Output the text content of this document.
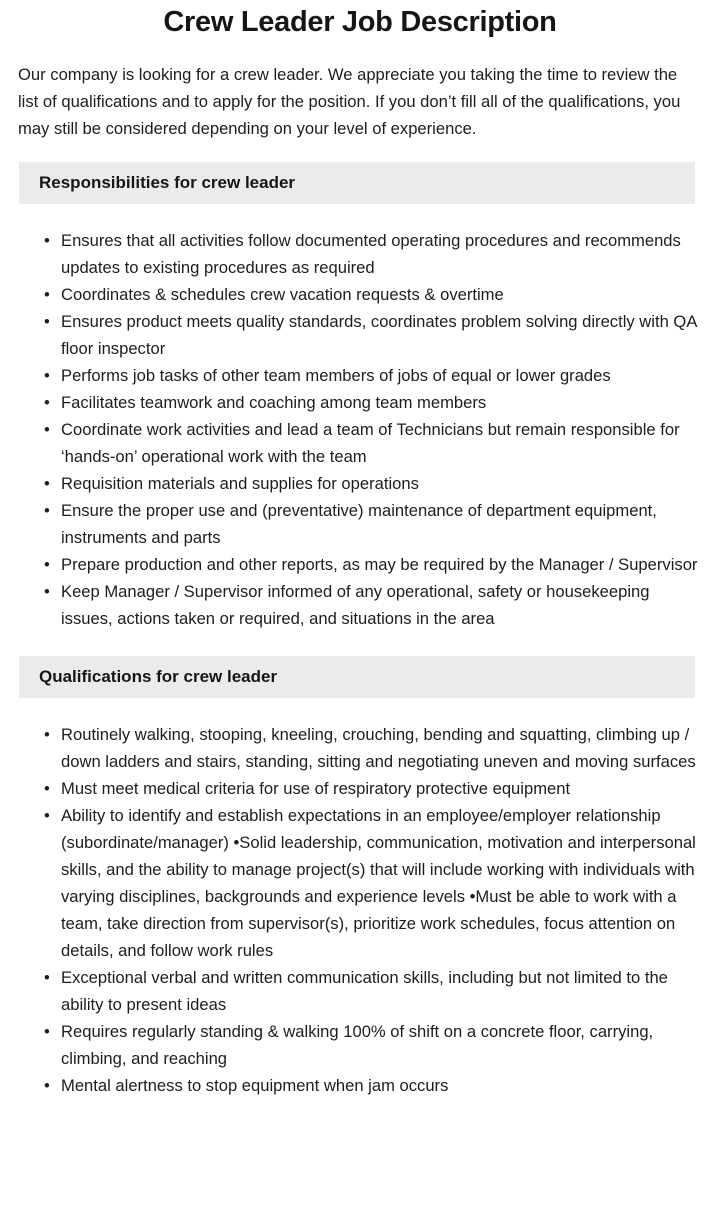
Crew Leader Job Description

Our company is looking for a crew leader. We appreciate you taking the time to review the list of qualifications and to apply for the position. If you don’t fill all of the qualifications, you may still be considered depending on your level of experience.

Responsibilities for crew leader
• Ensures that all activities follow documented operating procedures and recommends updates to existing procedures as required
• Coordinates & schedules crew vacation requests & overtime
• Ensures product meets quality standards, coordinates problem solving directly with QA floor inspector
• Performs job tasks of other team members of jobs of equal or lower grades
• Facilitates teamwork and coaching among team members
• Coordinate work activities and lead a team of Technicians but remain responsible for ‘hands-on’ operational work with the team
• Requisition materials and supplies for operations
• Ensure the proper use and (preventative) maintenance of department equipment, instruments and parts
• Prepare production and other reports, as may be required by the Manager / Supervisor
• Keep Manager / Supervisor informed of any operational, safety or housekeeping issues, actions taken or required, and situations in the area
Qualifications for crew leader
• Routinely walking, stooping, kneeling, crouching, bending and squatting, climbing up / down ladders and stairs, standing, sitting and negotiating uneven and moving surfaces
• Must meet medical criteria for use of respiratory protective equipment
• Ability to identify and establish expectations in an employee/employer relationship (subordinate/manager) •Solid leadership, communication, motivation and interpersonal skills, and the ability to manage project(s) that will include working with individuals with varying disciplines, backgrounds and experience levels •Must be able to work with a team, take direction from supervisor(s), prioritize work schedules, focus attention on details, and follow work rules
• Exceptional verbal and written communication skills, including but not limited to the ability to present ideas
• Requires regularly standing & walking 100% of shift on a concrete floor, carrying, climbing, and reaching
• Mental alertness to stop equipment when jam occurs
